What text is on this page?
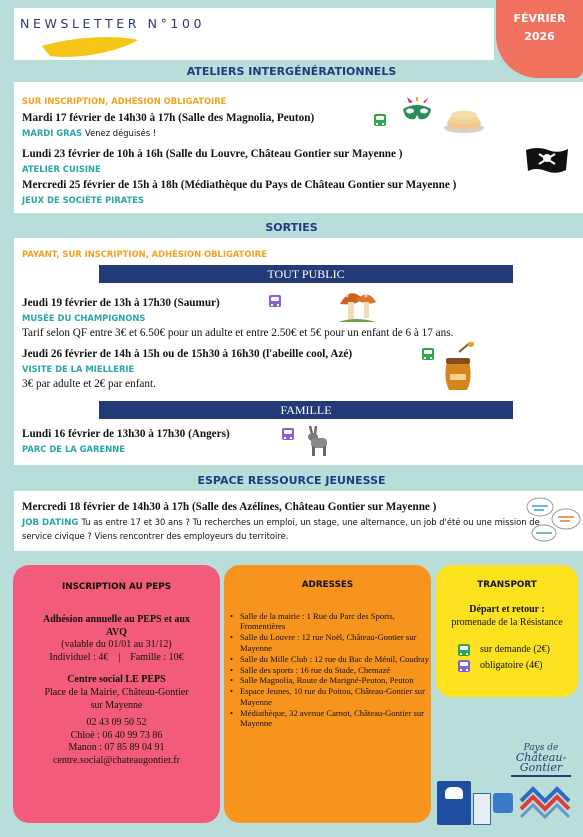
NEWSLETTER N°100	FÉVRIER
2026
ATELIERS INTERGÉNÉRATIONNELS
SUR INSCRIPTION, ADHÉSION OBLIGATOIRE
Mardi 17 février de 14h30 à 17h (Salle des Magnolia, Peuton)
MARDI GRAS Venez déguisés !
Lundi 23 février de 10h à 16h (Salle du Louvre, Château Gontier sur Mayenne )
ATELIER CUISINE
Mercredi 25 février de 15h à 18h (Médiathèque du Pays de Château Gontier sur Mayenne )
JEUX DE SOCIÉTÉ PIRATES
SORTIES
PAYANT, SUR INSCRIPTION, ADHÉSION OBLIGATOIRE
TOUT PUBLIC
Jeudi 19 février de 13h à 17h30 (Saumur)
MUSÉE DU CHAMPIGNONS
Tarif selon QF entre 3€ et 6.50€ pour un adulte et entre 2.50€ et 5€ pour un enfant de 6 à 17 ans.
Jeudi 26 février de 14h à 15h ou de 15h30 à 16h30 (l'abeille cool, Azé)
VISITE DE LA MIELLERIE
3€ par adulte et 2€ par enfant.
FAMILLE
Lundi 16 février de 13h30 à 17h30 (Angers)
PARC DE LA GARENNE
ESPACE RESSOURCE JEUNESSE
Mercredi 18 février de 14h30 à 17h (Salle des Azélines, Château Gontier sur Mayenne )
JOB DATING Tu as entre 17 et 30 ans ? Tu recherches un emploi, un stage, une alternance, un job d'été ou une mission de
service civique ? Viens rencontrer des employeurs du territoire.
INSCRIPTION AU PEPS
Adhésion annuelle au PEPS et aux
AVQ
(valable du 01/01 au 31/12)
Individuel : 4€    |    Famille : 10€
Centre social LE PEPS
Place de la Mairie, Château-Gontier
sur Mayenne
02 43 09 50 52
Chloé : 06 40 99 73 86
Manon : 07 85 89 04 91
centre.social@chateaugontier.fr
ADRESSES
• Salle de la mairie : 1 Rue du Parc des Sports, Fromentières
• Salle du Louvre : 12 rue Noël, Château-Gontier sur Mayenne
• Salle du Mille Club : 12 rue du Bac de Ménil, Coudray
• Salle des sports : 16 rue du Stade, Chemazé
• Salle Magnolia, Route de Marigné-Peuton, Peuton
• Espace Jeunes, 10 rue du Poitou, Château-Gontier sur Mayenne
• Médiathèque, 32 avenue Carnot, Château-Gontier sur Mayenne
TRANSPORT
Départ et retour :
promenade de la Résistance
sur demande (2€)
obligatoire (4€)
Pays de
Château-Gontier
